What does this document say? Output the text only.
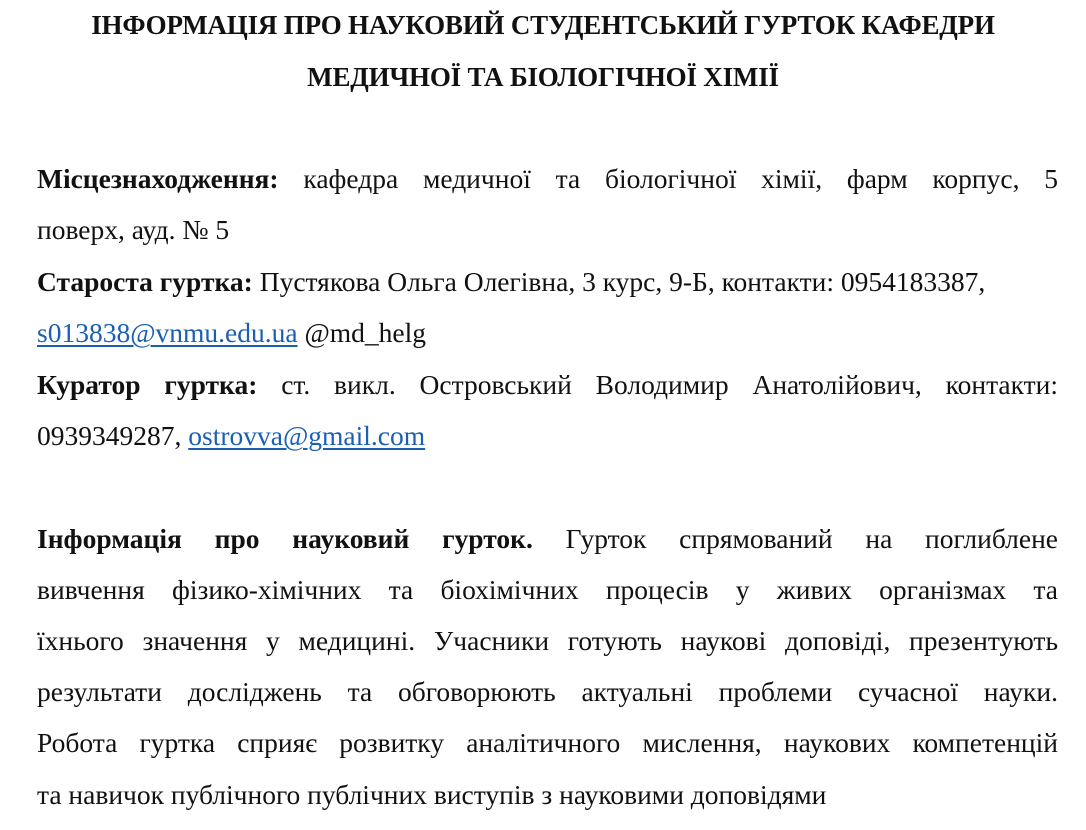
ІНФОРМАЦІЯ ПРО НАУКОВИЙ СТУДЕНТСЬКИЙ ГУРТОК КАФЕДРИ
МЕДИЧНОЇ ТА БІОЛОГІЧНОЇ ХІМІЇ
Місцезнаходження: кафедра медичної та біологічної хімії, фарм корпус, 5
поверх, ауд. № 5
Староста гуртка: Пустякова Ольга Олегівна, 3 курс, 9-Б, контакти: 0954183387,
s013838@vnmu.edu.ua @md_helg
Куратор гуртка: ст. викл. Островський Володимир Анатолійович, контакти:
0939349287, ostrovva@gmail.com
Інформація про науковий гурток. Гурток спрямований на поглиблене
вивчення фізико-хімічних та біохімічних процесів у живих організмах та
їхнього значення у медицині. Учасники готують наукові доповіді, презентують
результати досліджень та обговорюють актуальні проблеми сучасної науки.
Робота гуртка сприяє розвитку аналітичного мислення, наукових компетенцій
та навичок публічного публічних виступів з науковими доповідями
